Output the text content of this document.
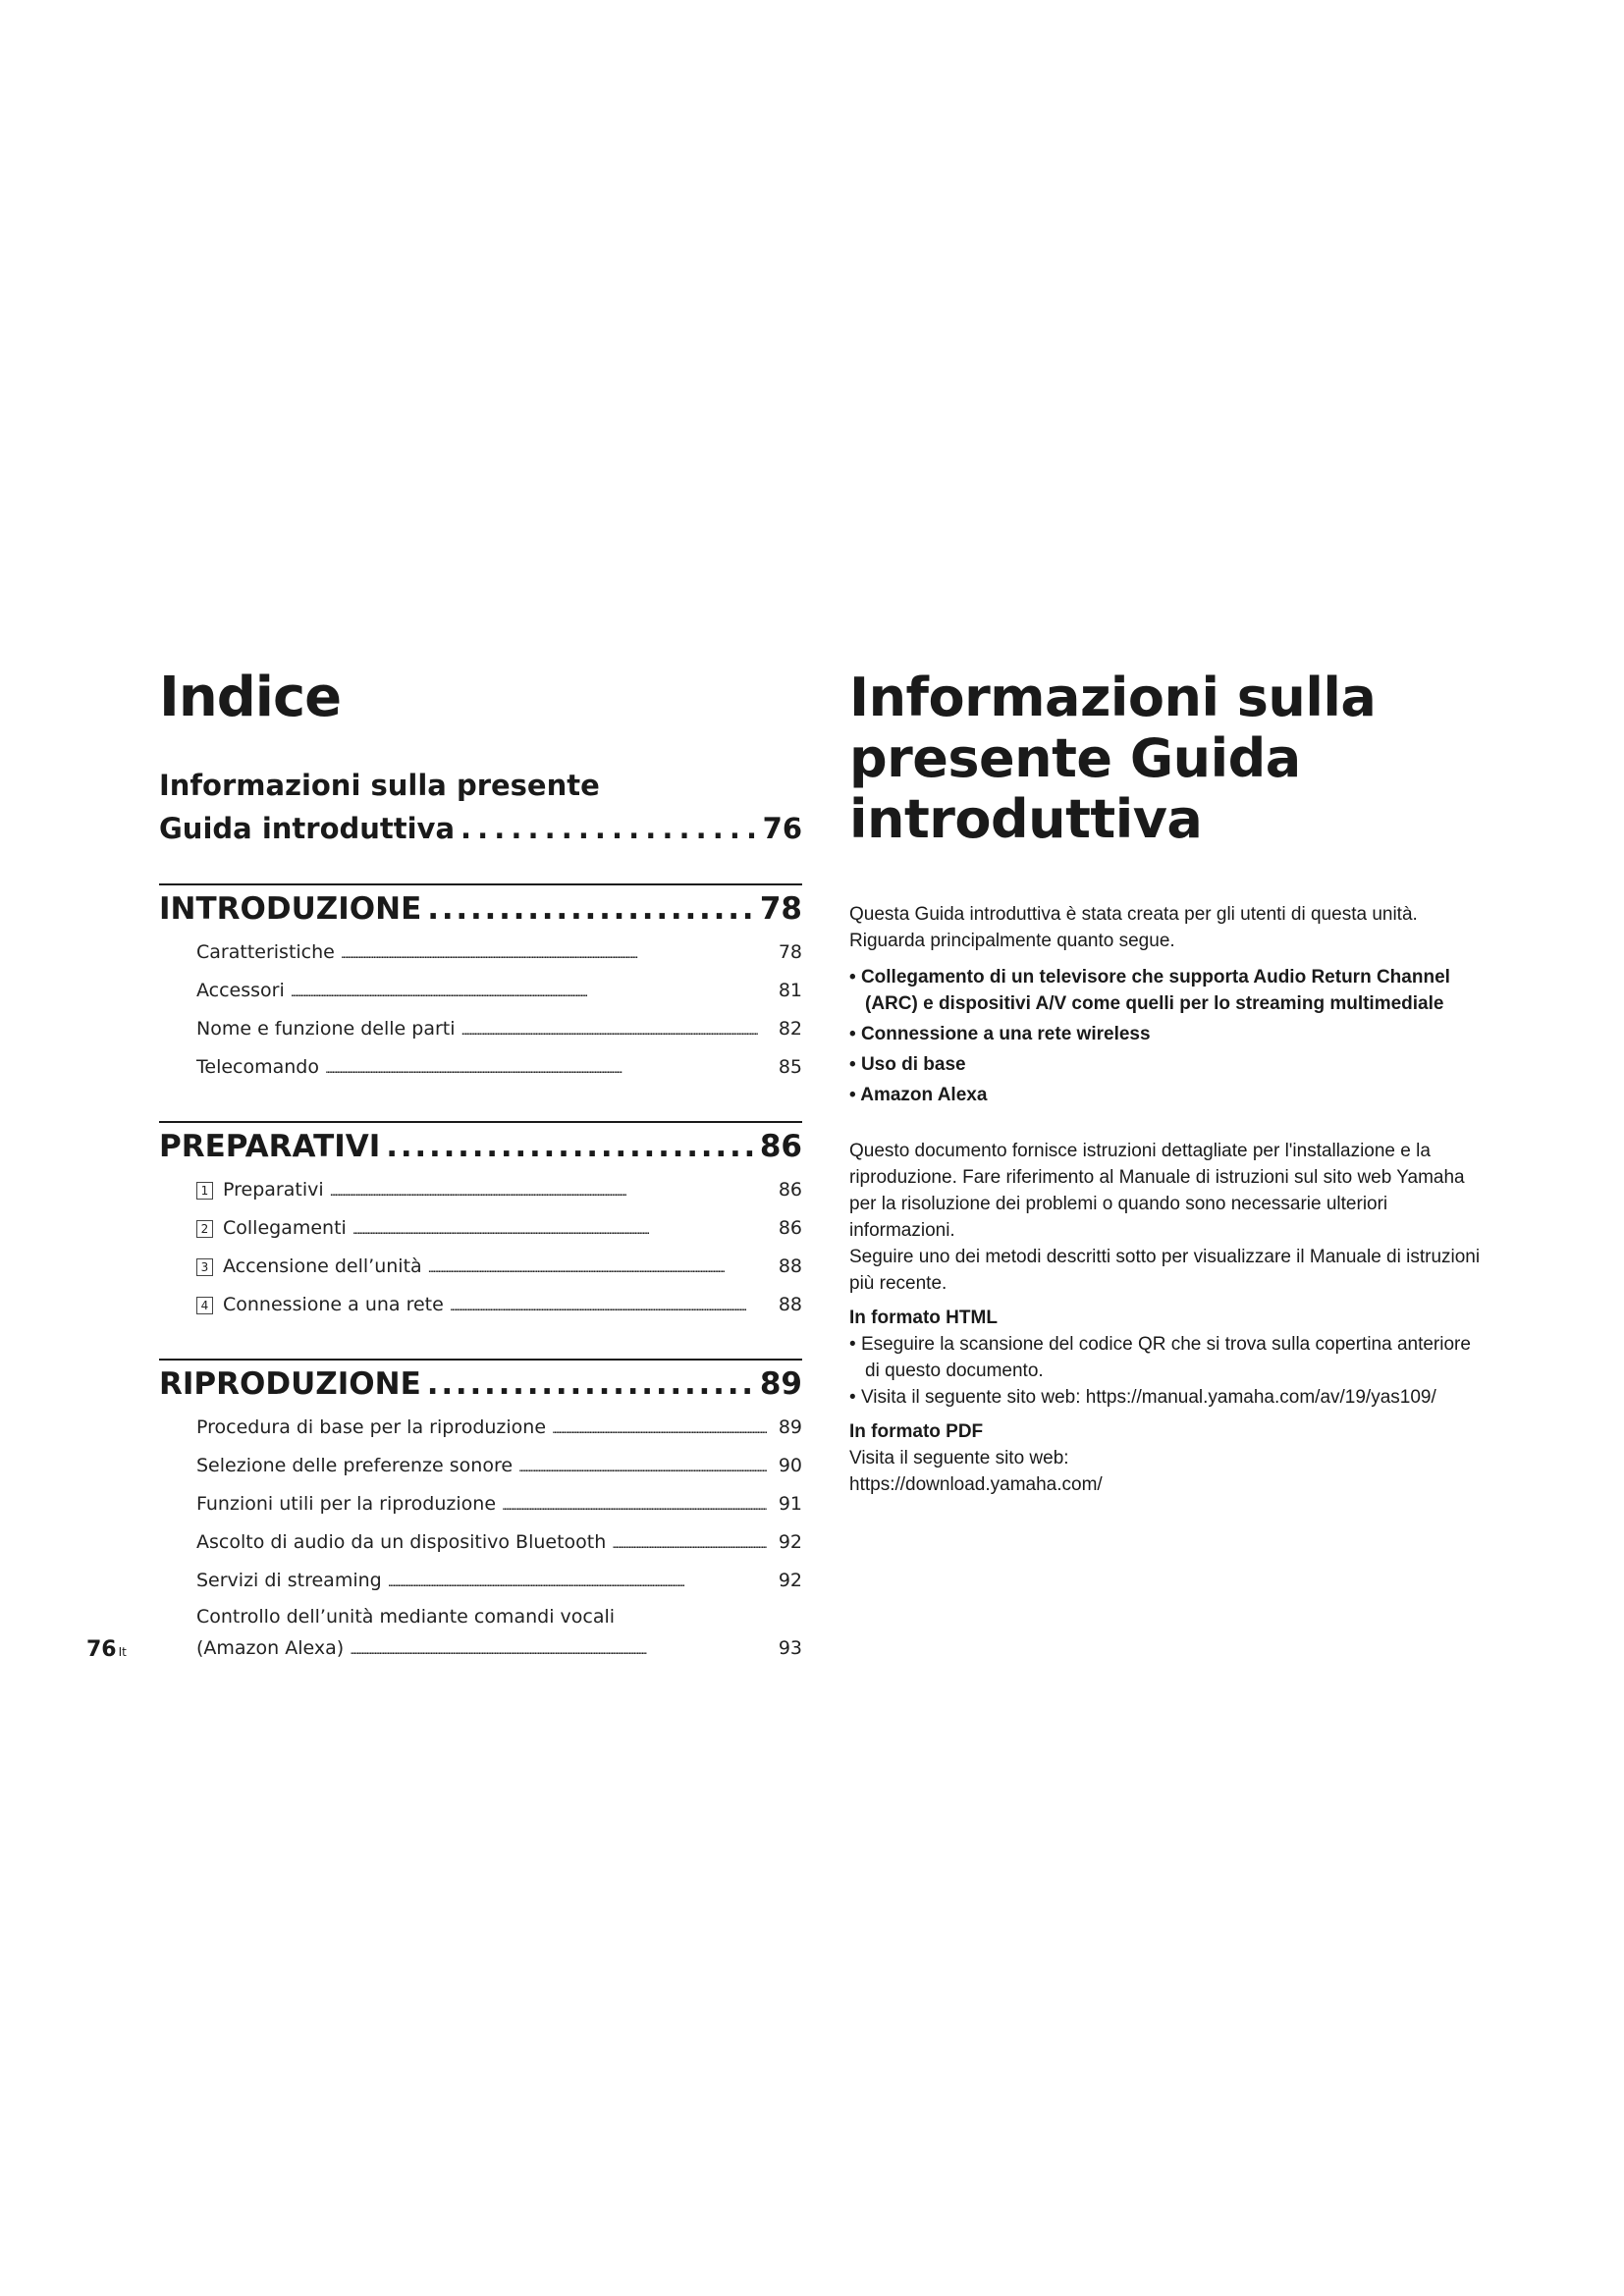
Indice

Informazioni sulla presente

Guida introduttiva . . .	76
INTRODUZIONE . . .	78
Caratteristiche . . .	78
Accessori . . .	81
Nome e funzione delle parti . . .	82
Telecomando . . .	85
PREPARATIVI . . .	86
1 Preparativi . . .	86
2 Collegamenti . . .	86
3 Accensione dell’unità . . .	88
4 Connessione a una rete . . .	88
RIPRODUZIONE . . .	89
Procedura di base per la riproduzione . . .	89
Selezione delle preferenze sonore . . .	90
Funzioni utili per la riproduzione . . .	91
Ascolto di audio da un dispositivo Bluetooth . . .	92
Servizi di streaming . . .	92
Controllo dell’unità mediante comandi vocali
(Amazon Alexa) . . .	93
Informazioni sulla presente Guida introduttiva

Questa Guida introduttiva è stata creata per gli utenti di questa unità. Riguarda principalmente quanto segue.

• Collegamento di un televisore che supporta Audio Return Channel (ARC) e dispositivi A/V come quelli per lo streaming multimediale
• Connessione a una rete wireless
• Uso di base
• Amazon Alexa

Questo documento fornisce istruzioni dettagliate per l'installazione e la riproduzione. Fare riferimento al Manuale di istruzioni sul sito web Yamaha per la risoluzione dei problemi o quando sono necessarie ulteriori informazioni.

Seguire uno dei metodi descritti sotto per visualizzare il Manuale di istruzioni più recente.

In formato HTML

• Eseguire la scansione del codice QR che si trova sulla copertina anteriore di questo documento.
• Visita il seguente sito web: https://manual.yamaha.com/av/19/yas109/

In formato PDF

Visita il seguente sito web:

https://download.yamaha.com/

76 It
